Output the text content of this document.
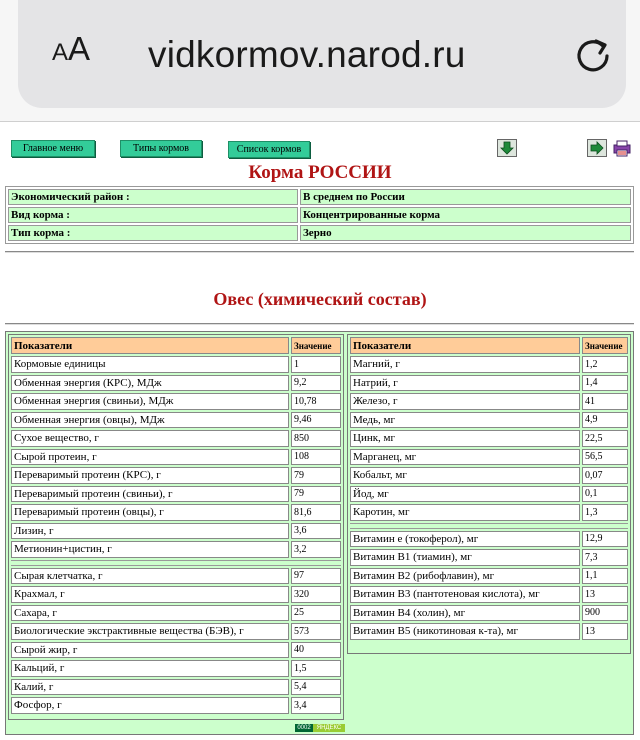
A A vidkormov.narod.ru
Главное меню	Типы кормов	Список кормов
Корма РОССИИ
Экономический район :	В среднем по России
Вид корма :	Концентрированные корма
Тип корма :	Зерно
Овес (химический состав)
Показатели	Значение
Кормовые единицы	1
Обменная энергия (КРС), МДж	9,2
Обменная энергия (свиньи), МДж	10,78
Обменная энергия (овцы), МДж	9,46
Сухое вещество, г	850
Сырой протеин, г	108
Переваримый протеин (КРС), г	79
Переваримый протеин (свиньи), г	79
Переваримый протеин (овцы), г	81,6
Лизин, г	3,6
Метионин+цистин, г	3,2

Сырая клетчатка, г	97
Крахмал, г	320
Сахара, г	25
Биологические экстрактивные вещества (БЭВ), г	573
Сырой жир, г	40
Кальций, г	1,5
Калий, г	5,4
Фосфор, г	3,4
Показатели	Значение
Магний, г	1,2
Натрий, г	1,4
Железо, г	41
Медь, мг	4,9
Цинк, мг	22,5
Марганец, мг	56,5
Кобальт, мг	0,07
Йод, мг	0,1
Каротин, мг	1,3

Витамин е (токоферол), мг	12,9
Витамин В1 (тиамин), мг	7,3
Витамин В2 (рибофлавин), мг	1,1
Витамин В3 (пантотеновая кислота), мг	13
Витамин В4 (холин), мг	900
Витамин В5 (никотиновая к-та), мг	13
0002	ЯНДЕКС
